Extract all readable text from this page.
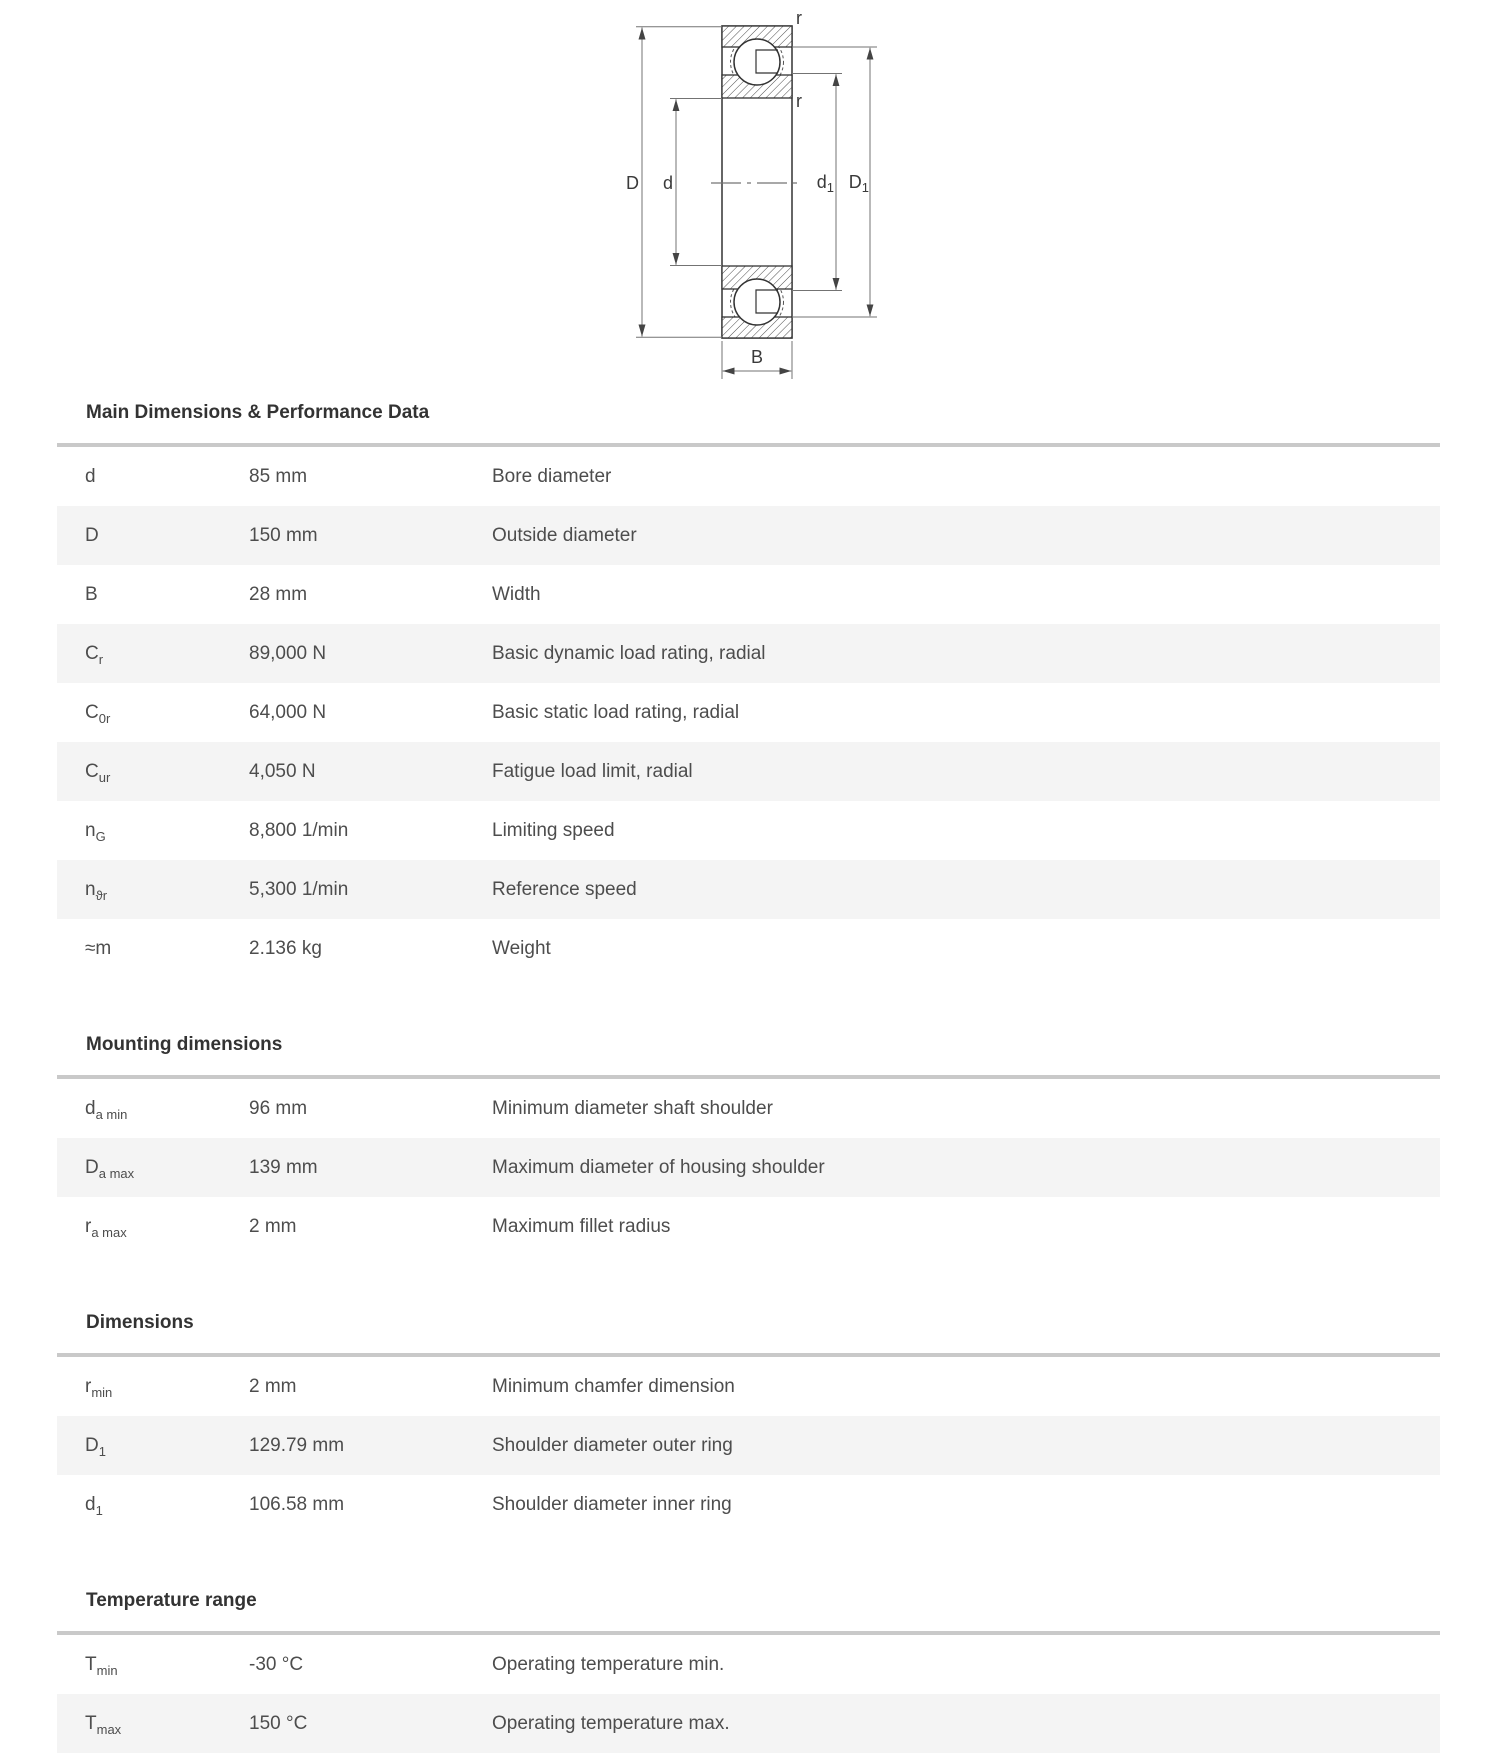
D d	$d_1$ $D_1$
r
r
B
Main Dimensions & Performance Data
d	85 mm	Bore diameter
D	150 mm	Outside diameter
B	28 mm	Width
$C_r$	89,000 N	Basic dynamic load rating, radial
$C_{0r}$	64,000 N	Basic static load rating, radial
$C_{ur}$	4,050 N	Fatigue load limit, radial
$n_G$	8,800 1/min	Limiting speed
$n_{ϑr}$	5,300 1/min	Reference speed
≈m	2.136 kg	Weight
Mounting dimensions
$d_{a min}$	96 mm	Minimum diameter shaft shoulder
$D_{a max}$	139 mm	Maximum diameter of housing shoulder
$r_{a max}$	2 mm	Maximum fillet radius
Dimensions
$r_{min}$	2 mm	Minimum chamfer dimension
$D_1$	129.79 mm	Shoulder diameter outer ring
$d_1$	106.58 mm	Shoulder diameter inner ring
Temperature range
$T_{min}$	-30 °C	Operating temperature min.
$T_{max}$	150 °C	Operating temperature max.
